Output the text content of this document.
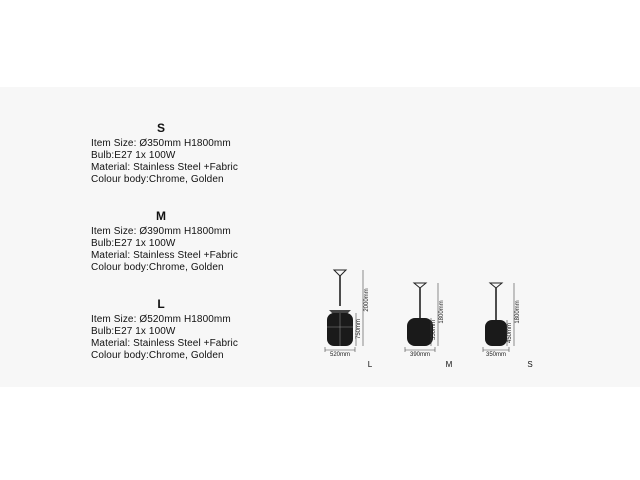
S
Item Size: Ø350mm H1800mm
Bulb:E27 1x 100W
Material: Stainless Steel +Fabric
Colour body:Chrome, Golden
M
Item Size: Ø390mm H1800mm
Bulb:E27 1x 100W
Material: Stainless Steel +Fabric
Colour body:Chrome, Golden
L
Item Size: Ø520mm H1800mm
Bulb:E27 1x 100W
Material: Stainless Steel +Fabric
Colour body:Chrome, Golden	520mm
750mm
2000mm
L
390mm
550mm
1800mm
M
350mm
450mm
1800mm
S
